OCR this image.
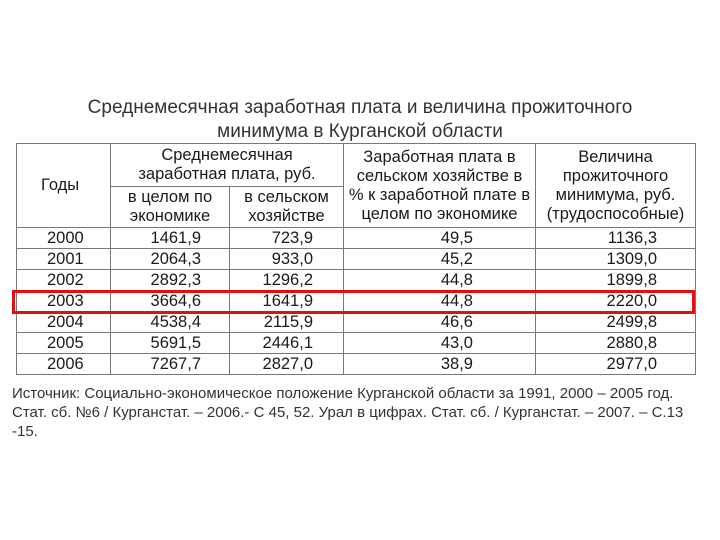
Среднемесячная заработная плата и величина прожиточного
минимума в Курганской области
Годы	Среднемесячная заработная плата, руб.		Заработная плата в сельском хозяйстве в % к заработной плате в целом по экономике	Величина прожиточного минимума, руб. (трудоспособные)
	в целом по экономике	в сельском хозяйстве		
2000	1461,9	723,9	49,5	1136,3
2001	2064,3	933,0	45,2	1309,0
2002	2892,3	1296,2	44,8	1899,8
2003	3664,6	1641,9	44,8	2220,0
2004	4538,4	2115,9	46,6	2499,8
2005	5691,5	2446,1	43,0	2880,8
2006	7267,7	2827,0	38,9	2977,0
Источник: Социально-экономическое положение Курганской области за 1991, 2000 – 2005 год. Стат. сб. №6 / Курганстат. – 2006.- С 45, 52. Урал в цифрах. Стат. сб. / Курганстат. – 2007. – С.13 -15.
